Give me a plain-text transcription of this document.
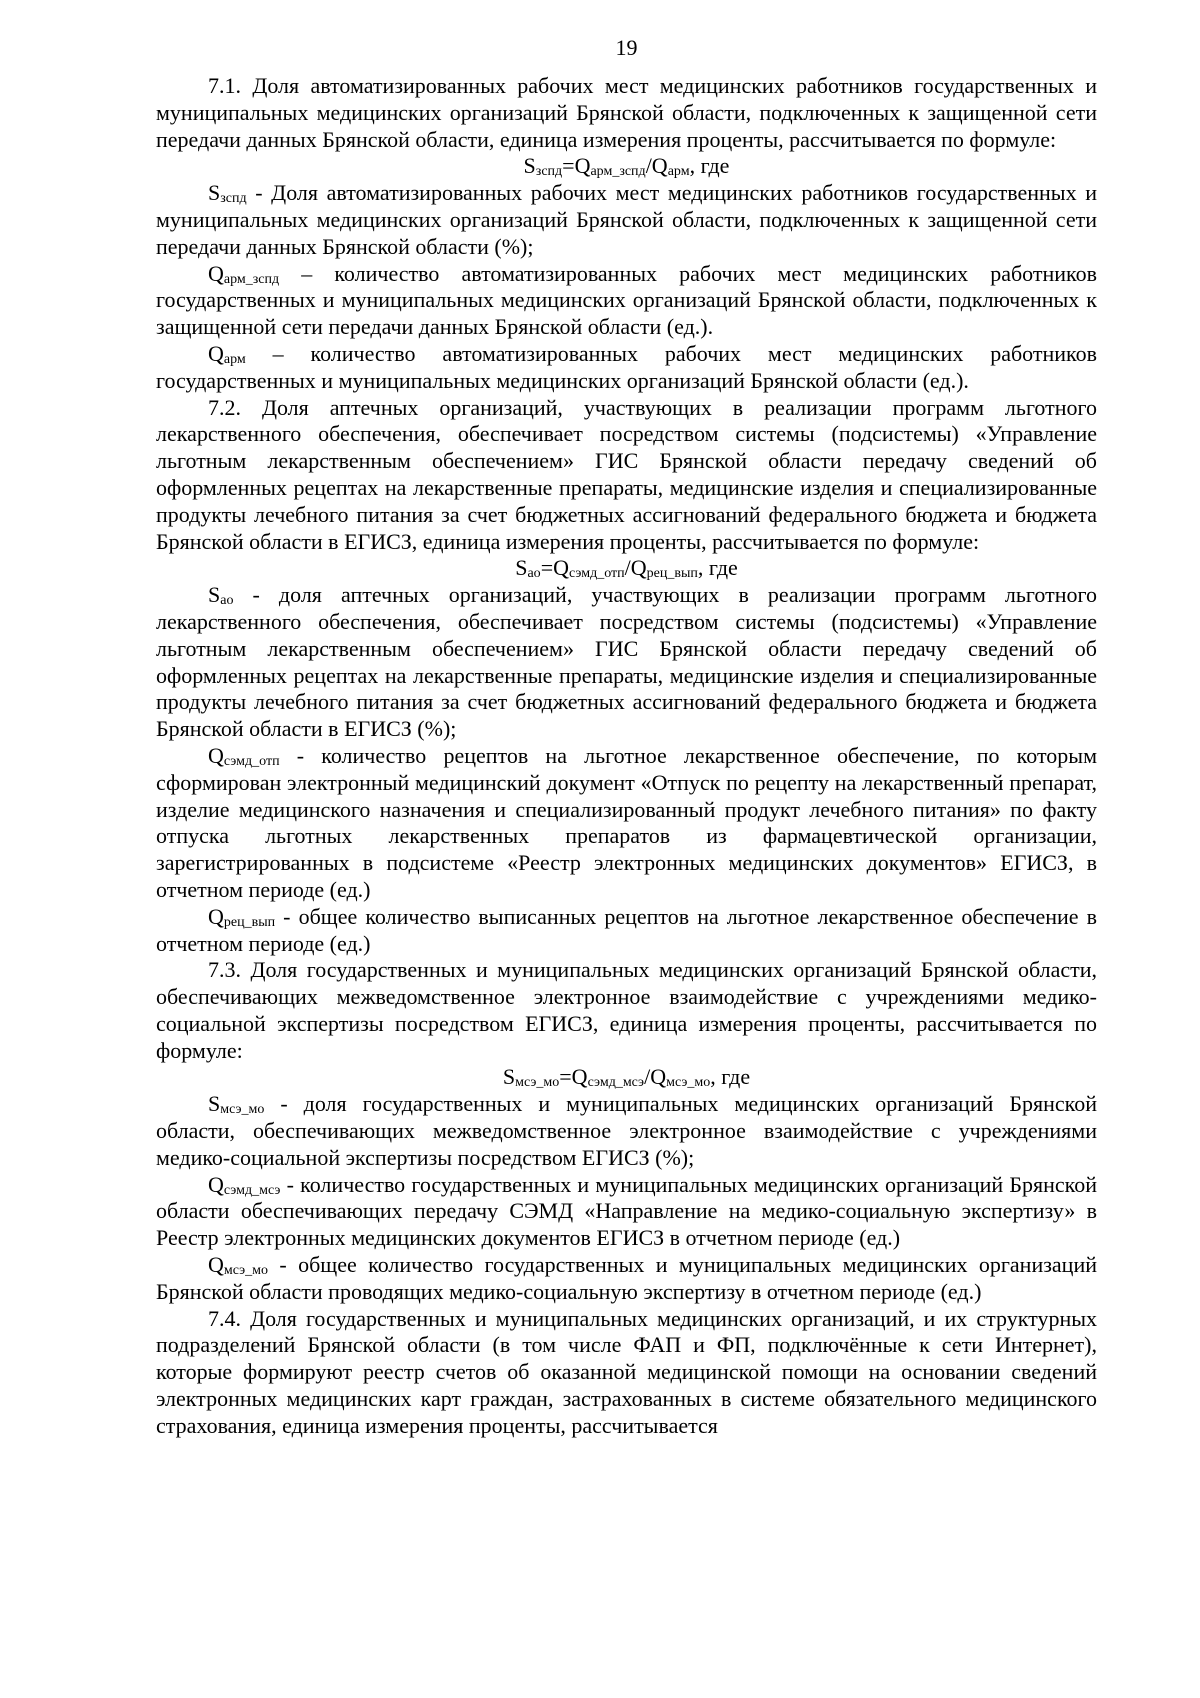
19

7.1. Доля автоматизированных рабочих мест медицинских работников государственных и муниципальных медицинских организаций Брянской области, подключенных к защищенной сети передачи данных Брянской области, единица измерения проценты, рассчитывается по формуле:

$S_{зспд}=Q_{арм\_зспд}/Q_{арм}$, где

$S_{зспд}$ - Доля автоматизированных рабочих мест медицинских работников государственных и муниципальных медицинских организаций Брянской области, подключенных к защищенной сети передачи данных Брянской области (%);

$Q_{арм\_зспд}$ – количество автоматизированных рабочих мест медицинских работников государственных и муниципальных медицинских организаций Брянской области, подключенных к защищенной сети передачи данных Брянской области (ед.).

$Q_{арм}$ – количество автоматизированных рабочих мест медицинских работников государственных и муниципальных медицинских организаций Брянской области (ед.).

7.2. Доля аптечных организаций, участвующих в реализации программ льготного лекарственного обеспечения, обеспечивает посредством системы (подсистемы) «Управление льготным лекарственным обеспечением» ГИС Брянской области передачу сведений об оформленных рецептах на лекарственные препараты, медицинские изделия и специализированные продукты лечебного питания за счет бюджетных ассигнований федерального бюджета и бюджета Брянской области в ЕГИСЗ, единица измерения проценты, рассчитывается по формуле:

$S_{ао}=Q_{сэмд\_отп}/Q_{рец\_вып}$, где

$S_{ао}$ - доля аптечных организаций, участвующих в реализации программ льготного лекарственного обеспечения, обеспечивает посредством системы (подсистемы) «Управление льготным лекарственным обеспечением» ГИС Брянской области передачу сведений об оформленных рецептах на лекарственные препараты, медицинские изделия и специализированные продукты лечебного питания за счет бюджетных ассигнований федерального бюджета и бюджета Брянской области в ЕГИСЗ (%);

$Q_{сэмд\_отп}$ - количество рецептов на льготное лекарственное обеспечение, по которым сформирован электронный медицинский документ «Отпуск по рецепту на лекарственный препарат, изделие медицинского назначения и специализированный продукт лечебного питания» по факту отпуска льготных лекарственных препаратов из фармацевтической организации, зарегистрированных в подсистеме «Реестр электронных медицинских документов» ЕГИСЗ, в отчетном периоде (ед.)

$Q_{рец\_вып}$ - общее количество выписанных рецептов на льготное лекарственное обеспечение в отчетном периоде (ед.)

7.3. Доля государственных и муниципальных медицинских организаций Брянской области, обеспечивающих межведомственное электронное взаимодействие с учреждениями медико-социальной экспертизы посредством ЕГИСЗ, единица измерения проценты, рассчитывается по формуле:

$S_{мсэ\_мо}=Q_{сэмд\_мсэ}/Q_{мсэ\_мо}$, где

$S_{мсэ\_мо}$ - доля государственных и муниципальных медицинских организаций Брянской области, обеспечивающих межведомственное электронное взаимодействие с учреждениями медико-социальной экспертизы посредством ЕГИСЗ (%);

$Q_{сэмд\_мсэ}$ - количество государственных и муниципальных медицинских организаций Брянской области обеспечивающих передачу СЭМД «Направление на медико-социальную экспертизу» в Реестр электронных медицинских документов ЕГИСЗ в отчетном периоде (ед.)

$Q_{мсэ\_мо}$ - общее количество государственных и муниципальных медицинских организаций Брянской области проводящих медико-социальную экспертизу в отчетном периоде (ед.)

7.4. Доля государственных и муниципальных медицинских организаций, и их структурных подразделений Брянской области (в том числе ФАП и ФП, подключённые к сети Интернет), которые формируют реестр счетов об оказанной медицинской помощи на основании сведений электронных медицинских карт граждан, застрахованных в системе обязательного медицинского страхования, единица измерения проценты, рассчитывается
